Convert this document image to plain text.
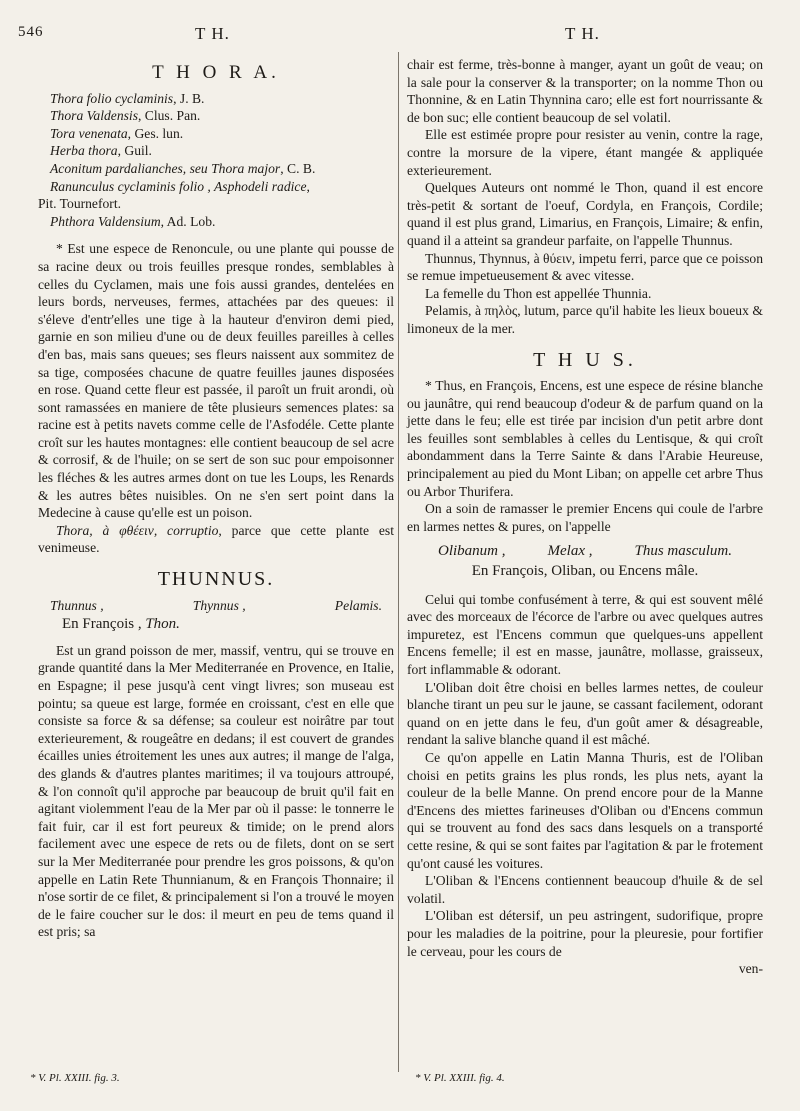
546	T H.	T H.
T H O R A.
Thora folio cyclaminis, J. B.
Thora Valdensis, Clus. Pan.
Tora venenata, Ges. lun.
Herba thora, Guil.
Aconitum pardalianches, seu Thora major, C. B.
Ranunculus cyclaminis folio , Asphodeli radice,
Pit. Tournefort.
Phthora Valdensium, Ad. Lob.

* Est une espece de Renoncule, ou une plante qui pousse de sa racine deux ou trois feuilles presque rondes, semblables à celles du Cyclamen, mais une fois aussi grandes, dentelées en leurs bords, nerveuses, fermes, attachées par des queues: il s'éleve d'entr'elles une tige à la hauteur d'environ demi pied, garnie en son milieu d'une ou de deux feuilles pareilles à celles d'en bas, mais sans queues; ses fleurs naissent aux sommitez de sa tige, composées chacune de quatre feuilles jaunes disposées en rose. Quand cette fleur est passée, il paroît un fruit arondi, où sont ramassées en maniere de tête plusieurs semences plates: sa racine est à petits navets comme celle de l'Asfodéle. Cette plante croît sur les hautes montagnes: elle contient beaucoup de sel acre & corrosif, & de l'huile; on se sert de son suc pour empoisonner les fléches & les autres armes dont on tue les Loups, les Renards & les autres bêtes nuisibles. On ne s'en sert point dans la Medecine à cause qu'elle est un poison.

Thora, à φθέειν, corruptio, parce que cette plante est venimeuse.

THUNNUS.
Thunnus ,	Thynnus ,	Pelamis.
En François , Thon.

Est un grand poisson de mer, massif, ventru, qui se trouve en grande quantité dans la Mer Mediterranée en Provence, en Italie, en Espagne; il pese jusqu'à cent vingt livres; son museau est pointu; sa queue est large, formée en croissant, c'est en elle que consiste sa force & sa défense; sa couleur est noirâtre par tout exterieurement, & rougeâtre en dedans; il est couvert de grandes écailles unies étroitement les unes aux autres; il mange de l'alga, des glands & d'autres plantes maritimes; il va toujours attroupé, & l'on connoît qu'il approche par beaucoup de bruit qu'il fait en agitant violemment l'eau de la Mer par où il passe: le tonnerre le fait fuir, car il est fort peureux & timide; on le prend alors facilement avec une espece de rets ou de filets, dont on se sert sur la Mer Mediterranée pour prendre les gros poissons, & qu'on appelle en Latin Rete Thunnianum, & en François Thonnaire; il n'ose sortir de ce filet, & principalement si l'on a trouvé le moyen de le faire coucher sur le dos: il meurt en peu de tems quand il est pris; sa

* V. Pl. XXIII. fig. 3.

chair est ferme, très-bonne à manger, ayant un goût de veau; on la sale pour la conserver & la transporter; on la nomme Thon ou Thonnine, & en Latin Thynnina caro; elle est fort nourrissante & de bon suc; elle contient beaucoup de sel volatil.

Elle est estimée propre pour resister au venin, contre la rage, contre la morsure de la vipere, étant mangée & appliquée exterieurement.

Quelques Auteurs ont nommé le Thon, quand il est encore très-petit & sortant de l'oeuf, Cordyla, en François, Cordile; quand il est plus grand, Limarius, en François, Limaire; & enfin, quand il a atteint sa grandeur parfaite, on l'appelle Thunnus.

Thunnus, Thynnus, à θύειν, impetu ferri, parce que ce poisson se remue impetueusement & avec vitesse.

La femelle du Thon est appellée Thunnia.

Pelamis, à πηλὸς, lutum, parce qu'il habite les lieux boueux & limoneux de la mer.

T H U S.

* Thus, en François, Encens, est une espece de résine blanche ou jaunâtre, qui rend beaucoup d'odeur & de parfum quand on la jette dans le feu; elle est tirée par incision d'un petit arbre dont les feuilles sont semblables à celles du Lentisque, & qui croît abondamment dans la Terre Sainte & dans l'Arabie Heureuse, principalement au pied du Mont Liban; on appelle cet arbre Thus ou Arbor Thurifera.

On a soin de ramasser le premier Encens qui coule de l'arbre en larmes nettes & pures, on l'appelle

Olibanum ,	Melax ,	Thus masculum.
En François, Oliban, ou Encens mâle.

Celui qui tombe confusément à terre, & qui est souvent mêlé avec des morceaux de l'écorce de l'arbre ou avec quelques autres impuretez, est l'Encens commun que quelques-uns appellent Encens femelle; il est en masse, jaunâtre, mollasse, graisseux, fort inflammable & odorant.

L'Oliban doit être choisi en belles larmes nettes, de couleur blanche tirant un peu sur le jaune, se cassant facilement, odorant quand on en jette dans le feu, d'un goût amer & désagreable, rendant la salive blanche quand il est mâché.

Ce qu'on appelle en Latin Manna Thuris, est de l'Oliban choisi en petits grains les plus ronds, les plus nets, ayant la couleur de la belle Manne. On prend encore pour de la Manne d'Encens des miettes farineuses d'Oliban ou d'Encens commun qui se trouvent au fond des sacs dans lesquels on a transporté cette resine, & qui se sont faites par l'agitation & par le frotement qu'ont causé les voitures.

L'Oliban & l'Encens contiennent beaucoup d'huile & de sel volatil.

L'Oliban est détersif, un peu astringent, sudorifique, propre pour les maladies de la poitrine, pour la pleuresie, pour fortifier le cerveau, pour les cours de

ven-
* V. Pl. XXIII. fig. 4.
